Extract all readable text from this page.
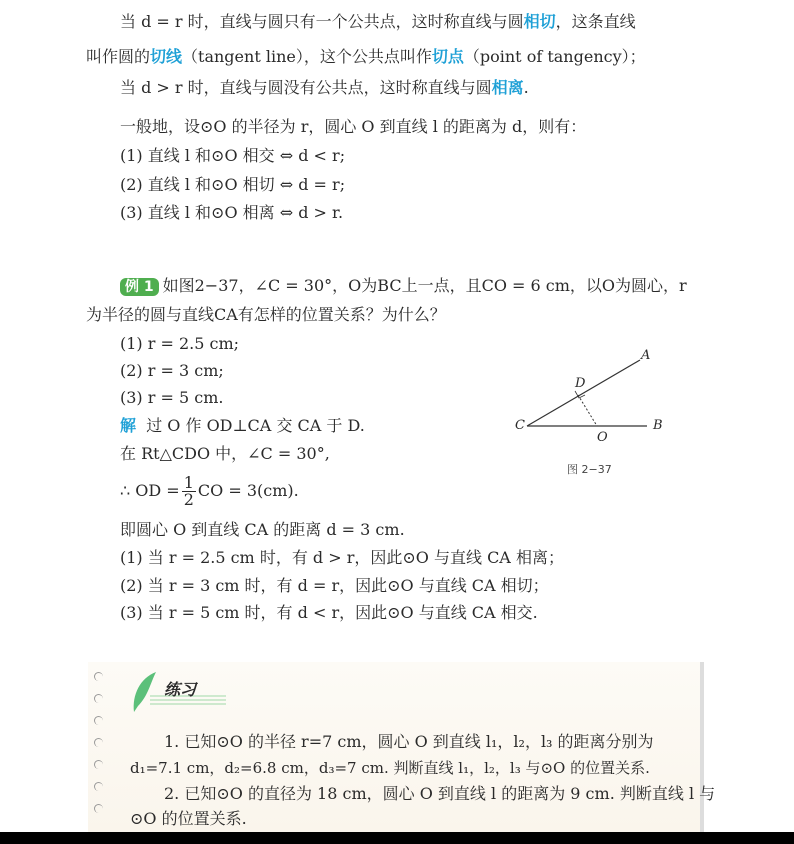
当 d = r 时，直线与圆只有一个公共点，这时称直线与圆相切，这条直线
叫作圆的切线（tangent line），这个公共点叫作切点（point of tangency）；
当 d > r 时，直线与圆没有公共点，这时称直线与圆相离.
一般地，设⊙O 的半径为 r，圆心 O 到直线 l 的距离为 d，则有：
(1) 直线 l 和⊙O 相交 ⇔ d < r;
(2) 直线 l 和⊙O 相切 ⇔ d = r;
(3) 直线 l 和⊙O 相离 ⇔ d > r.
例 1 如图2−37，∠C = 30°，O为BC上一点，且CO = 6 cm，以O为圆心，r
为半径的圆与直线CA有怎样的位置关系？为什么？
(1) r = 2.5 cm;
(2) r = 3 cm;
(3) r = 5 cm.
解 过 O 作 OD⊥CA 交 CA 于 D.
在 Rt△CDO 中，∠C = 30°,
∴ OD = $\frac{1}{2}$ CO = 3(cm).
即圆心 O 到直线 CA 的距离 d = 3 cm.
(1) 当 r = 2.5 cm 时，有 d > r，因此⊙O 与直线 CA 相离；
(2) 当 r = 3 cm 时，有 d = r，因此⊙O 与直线 CA 相切；
(3) 当 r = 5 cm 时，有 d < r，因此⊙O 与直线 CA 相交.
A
D
C	B
O
图 2−37
练习
1. 已知⊙O 的半径 r=7 cm，圆心 O 到直线 l₁，l₂，l₃ 的距离分别为
d₁=7.1 cm，d₂=6.8 cm，d₃=7 cm. 判断直线 l₁，l₂，l₃ 与⊙O 的位置关系.
2. 已知⊙O 的直径为 18 cm，圆心 O 到直线 l 的距离为 9 cm. 判断直线 l 与
⊙O 的位置关系.
